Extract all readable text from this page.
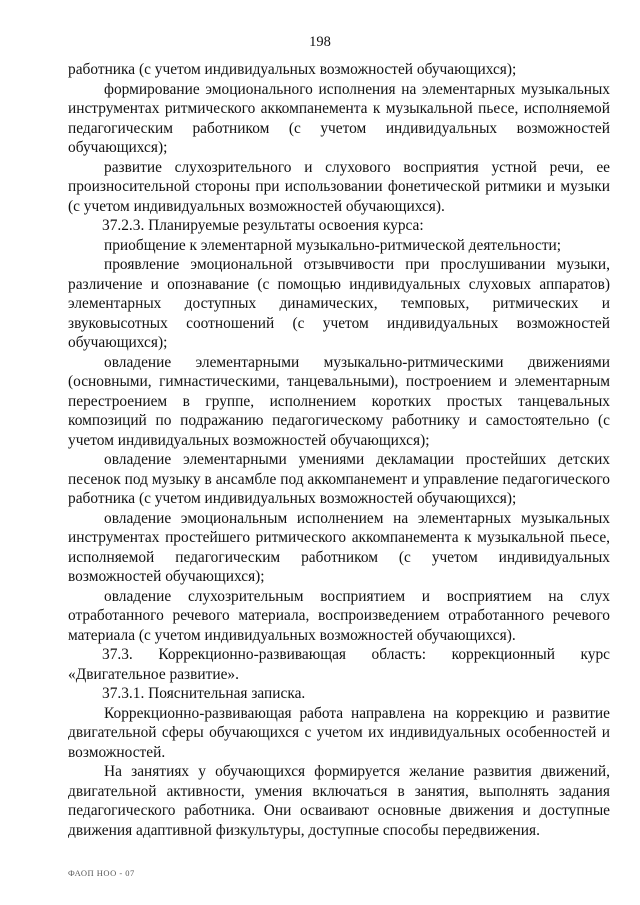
198

работника (с учетом индивидуальных возможностей обучающихся);

формирование эмоционального исполнения на элементарных музыкальных инструментах ритмического аккомпанемента к музыкальной пьесе, исполняемой педагогическим работником (с учетом индивидуальных возможностей обучающихся);

развитие слухозрительного и слухового восприятия устной речи, ее произносительной стороны при использовании фонетической ритмики и музыки (с учетом индивидуальных возможностей обучающихся).

37.2.3. Планируемые результаты освоения курса:

приобщение к элементарной музыкально-ритмической деятельности;

проявление эмоциональной отзывчивости при прослушивании музыки, различение и опознавание (с помощью индивидуальных слуховых аппаратов) элементарных доступных динамических, темповых, ритмических и звуковысотных соотношений (с учетом индивидуальных возможностей обучающихся);

овладение элементарными музыкально-ритмическими движениями (основными, гимнастическими, танцевальными), построением и элементарным перестроением в группе, исполнением коротких простых танцевальных композиций по подражанию педагогическому работнику и самостоятельно (с учетом индивидуальных возможностей обучающихся);

овладение элементарными умениями декламации простейших детских песенок под музыку в ансамбле под аккомпанемент и управление педагогического работника (с учетом индивидуальных возможностей обучающихся);

овладение эмоциональным исполнением на элементарных музыкальных инструментах простейшего ритмического аккомпанемента к музыкальной пьесе, исполняемой педагогическим работником (с учетом индивидуальных возможностей обучающихся);

овладение слухозрительным восприятием и восприятием на слух отработанного речевого материала, воспроизведением отработанного речевого материала (с учетом индивидуальных возможностей обучающихся).

37.3. Коррекционно-развивающая область: коррекционный курс «Двигательное развитие».

37.3.1. Пояснительная записка.

Коррекционно-развивающая работа направлена на коррекцию и развитие двигательной сферы обучающихся с учетом их индивидуальных особенностей и возможностей.

На занятиях у обучающихся формируется желание развития движений, двигательной активности, умения включаться в занятия, выполнять задания педагогического работника. Они осваивают основные движения и доступные движения адаптивной физкультуры, доступные способы передвижения.

ФАОП НОО - 07
